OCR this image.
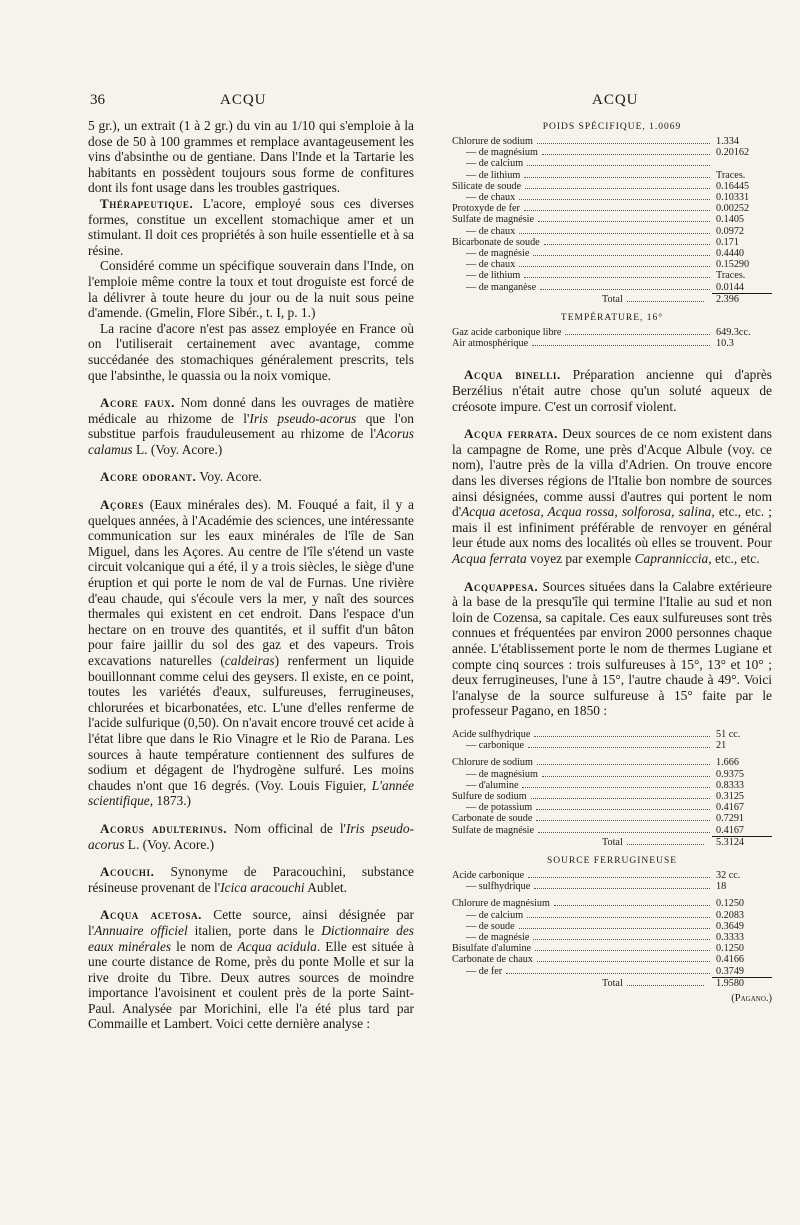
36	ACQU	ACQU

5 gr.), un extrait (1 à 2 gr.) du vin au 1/10 qui s'emploie à la dose de 50 à 100 grammes et remplace avantageusement les vins d'absinthe ou de gentiane. Dans l'Inde et la Tartarie les habitants en possèdent toujours sous forme de confitures dont ils font usage dans les troubles gastriques.

Thérapeutique. L'acore, employé sous ces diverses formes, constitue un excellent stomachique amer et un stimulant. Il doit ces propriétés à son huile essentielle et à sa résine.

Considéré comme un spécifique souverain dans l'Inde, on l'emploie même contre la toux et tout droguiste est forcé de la délivrer à toute heure du jour ou de la nuit sous peine d'amende. (Gmelin, Flore Sibér., t. I, p. 1.)

La racine d'acore n'est pas assez employée en France où on l'utiliserait certainement avec avantage, comme succédanée des stomachiques généralement prescrits, tels que l'absinthe, le quassia ou la noix vomique.

Acore faux. Nom donné dans les ouvrages de matière médicale au rhizome de l'Iris pseudo-acorus que l'on substitue parfois frauduleusement au rhizome de l'Acorus calamus L. (Voy. Acore.)

Acore odorant. Voy. Acore.

Açores (Eaux minérales des). M. Fouqué a fait, il y a quelques années, à l'Académie des sciences, une intéressante communication sur les eaux minérales de l'île de San Miguel, dans les Açores. Au centre de l'île s'étend un vaste circuit volcanique qui a été, il y a trois siècles, le siège d'une éruption et qui porte le nom de val de Furnas. Une rivière d'eau chaude, qui s'écoule vers la mer, y naît des sources thermales qui existent en cet endroit. Dans l'espace d'un hectare on en trouve des quantités, et il suffit d'un bâton pour faire jaillir du sol des gaz et des vapeurs. Trois excavations naturelles (caldeiras) renferment un liquide bouillonnant comme celui des geysers. Il existe, en ce point, toutes les variétés d'eaux, sulfureuses, ferrugineuses, chlorurées et bicarbonatées, etc. L'une d'elles renferme de l'acide sulfurique (0,50). On n'avait encore trouvé cet acide à l'état libre que dans le Rio Vinagre et le Rio de Parana. Les sources à haute température contiennent des sulfures de sodium et dégagent de l'hydrogène sulfuré. Les moins chaudes n'ont que 16 degrés. (Voy. Louis Figuier, L'année scientifique, 1873.)

Acorus adulterinus. Nom officinal de l'Iris pseudo-acorus L. (Voy. Acore.)

Acouchi. Synonyme de Paracouchini, substance résineuse provenant de l'Icica aracouchi Aublet.

Acqua acetosa. Cette source, ainsi désignée par l'Annuaire officiel italien, porte dans le Dictionnaire des eaux minérales le nom de Acqua acidula. Elle est située à une courte distance de Rome, près du ponte Molle et sur la rive droite du Tibre. Deux autres sources de moindre importance l'avoisinent et coulent près de la porte Saint-Paul. Analysée par Morichini, elle l'a été plus tard par Commaille et Lambert. Voici cette dernière analyse :

POIDS SPÉCIFIQUE, 1.0069
Chlorure de sodium	1.334

— de magnésium	0.20162

— de calcium	

— de lithium	Traces.

Silicate de soude	0.16445

— de chaux	0.10331

Protoxyde de fer	0.00252

Sulfate de magnésie	0.1405

— de chaux	0.0972

Bicarbonate de soude	0.171

— de magnésie	0.4440

— de chaux	0.15290

— de lithium	Traces.

— de manganèse	0.0144

Total	2.396
TEMPÉRATURE, 16°
Gaz acide carbonique libre	649.3cc.

Air atmosphérique	10.3

Acqua binelli. Préparation ancienne qui d'après Berzélius n'était autre chose qu'un soluté aqueux de créosote impure. C'est un corrosif violent.

Acqua ferrata. Deux sources de ce nom existent dans la campagne de Rome, une près d'Acque Albule (voy. ce nom), l'autre près de la villa d'Adrien. On trouve encore dans les diverses régions de l'Italie bon nombre de sources ainsi désignées, comme aussi d'autres qui portent le nom d'Acqua acetosa, Acqua rossa, solforosa, salina, etc., etc. ; mais il est infiniment préférable de renvoyer en général leur étude aux noms des localités où elles se trouvent. Pour Acqua ferrata voyez par exemple Capranniccia, etc., etc.

Acquappesa. Sources situées dans la Calabre extérieure à la base de la presqu'île qui termine l'Italie au sud et non loin de Cozensa, sa capitale. Ces eaux sulfureuses sont très connues et fréquentées par environ 2000 personnes chaque année. L'établissement porte le nom de thermes Lugiane et compte cinq sources : trois sulfureuses à 15°, 13° et 10° ; deux ferrugineuses, l'une à 15°, l'autre chaude à 49°. Voici l'analyse de la source sulfureuse à 15° faite par le professeur Pagano, en 1850 :

Acide sulfhydrique	51 cc.

— carbonique	21
Chlorure de sodium	1.666

— de magnésium	0.9375

— d'alumine	0.8333

Sulfure de sodium	0.3125

— de potassium	0.4167

Carbonate de soude	0.7291

Sulfate de magnésie	0.4167

Total	5.3124
SOURCE FERRUGINEUSE
Acide carbonique	32 cc.

— sulfhydrique	18
Chlorure de magnésium	0.1250

— de calcium	0.2083

— de soude	0.3649

— de magnésie	0.3333

Bisulfate d'alumine	0.1250

Carbonate de chaux	0.4166

— de fer	0.3749

Total	1.9580
(Pagano.)
